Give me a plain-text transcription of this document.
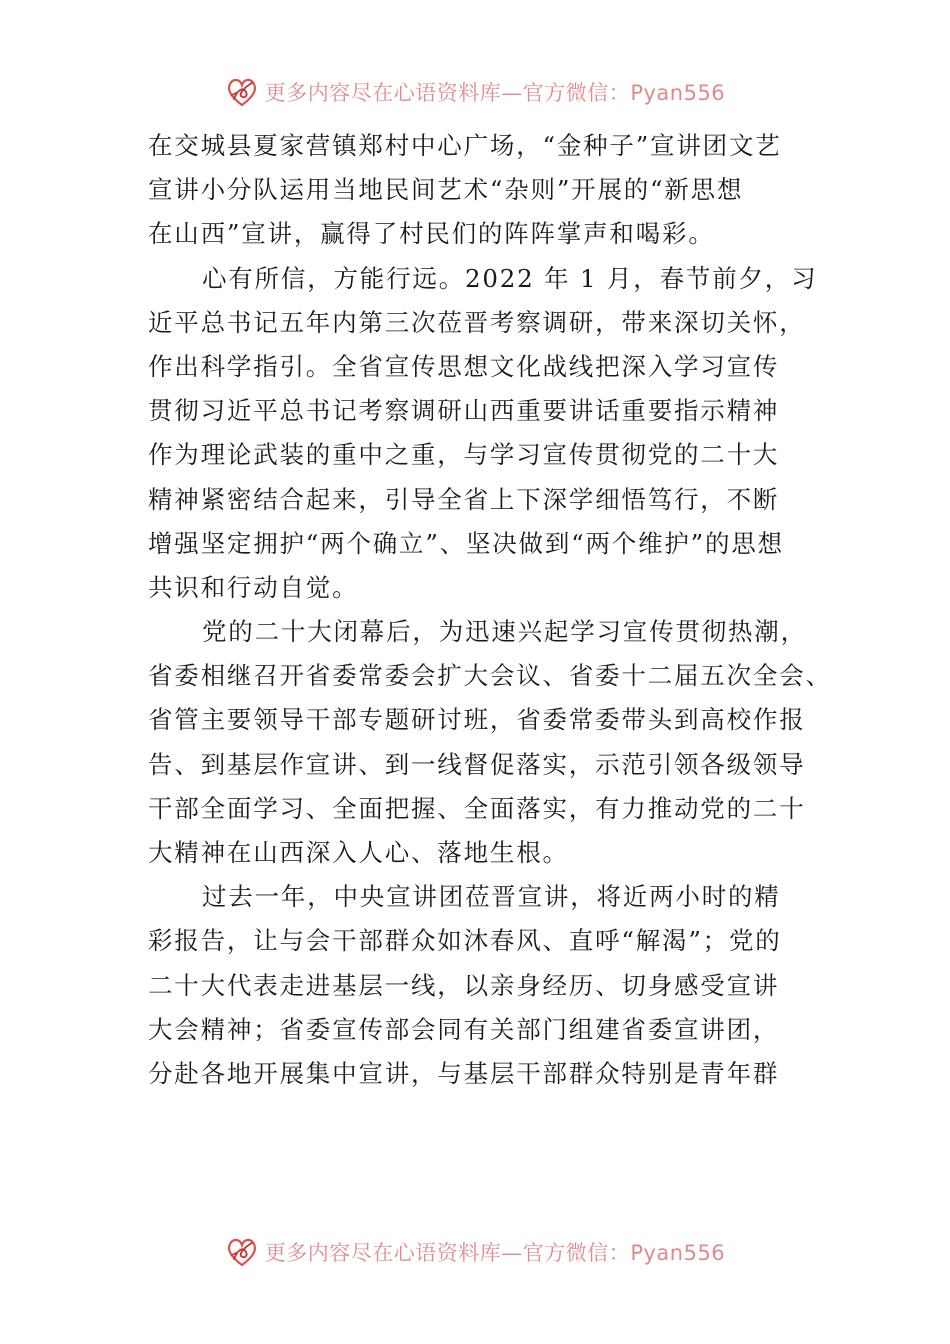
更多内容尽在心语资料库—官方微信：Pyan556
在交城县夏家营镇郑村中心广场，“金种子”宣讲团文艺
宣讲小分队运用当地民间艺术“杂则”开展的“新思想
在山西”宣讲，赢得了村民们的阵阵掌声和喝彩。
心有所信，方能行远。2022 年 1 月，春节前夕，习
近平总书记五年内第三次莅晋考察调研，带来深切关怀，
作出科学指引。全省宣传思想文化战线把深入学习宣传
贯彻习近平总书记考察调研山西重要讲话重要指示精神
作为理论武装的重中之重，与学习宣传贯彻党的二十大
精神紧密结合起来，引导全省上下深学细悟笃行，不断
增强坚定拥护“两个确立”、坚决做到“两个维护”的思想
共识和行动自觉。
党的二十大闭幕后，为迅速兴起学习宣传贯彻热潮，
省委相继召开省委常委会扩大会议、省委十二届五次全会、
省管主要领导干部专题研讨班，省委常委带头到高校作报
告、到基层作宣讲、到一线督促落实，示范引领各级领导
干部全面学习、全面把握、全面落实，有力推动党的二十
大精神在山西深入人心、落地生根。
过去一年，中央宣讲团莅晋宣讲，将近两小时的精
彩报告，让与会干部群众如沐春风、直呼“解渴”；党的
二十大代表走进基层一线，以亲身经历、切身感受宣讲
大会精神；省委宣传部会同有关部门组建省委宣讲团，
分赴各地开展集中宣讲，与基层干部群众特别是青年群
更多内容尽在心语资料库—官方微信：Pyan556
